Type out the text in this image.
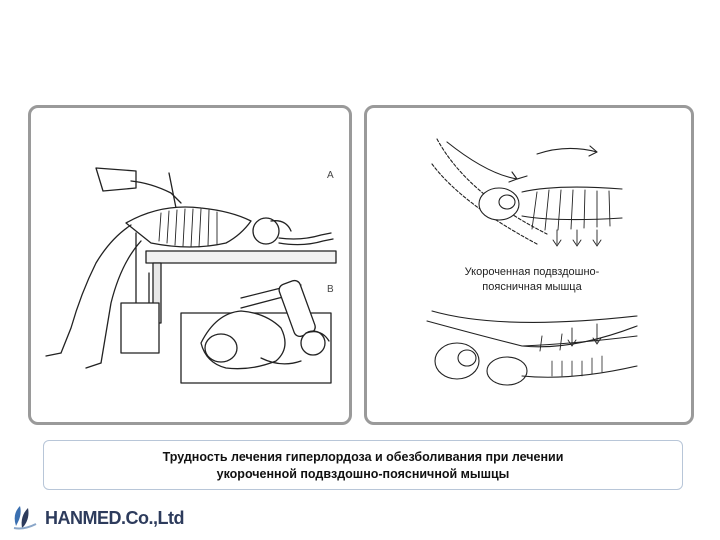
A
B
Укороченная подвздошно-
поясничная мышца
Трудность лечения гиперлордоза и обезболивания при лечении
укороченной подвздошно-поясничной мышцы
HANMED.Co.,Ltd
